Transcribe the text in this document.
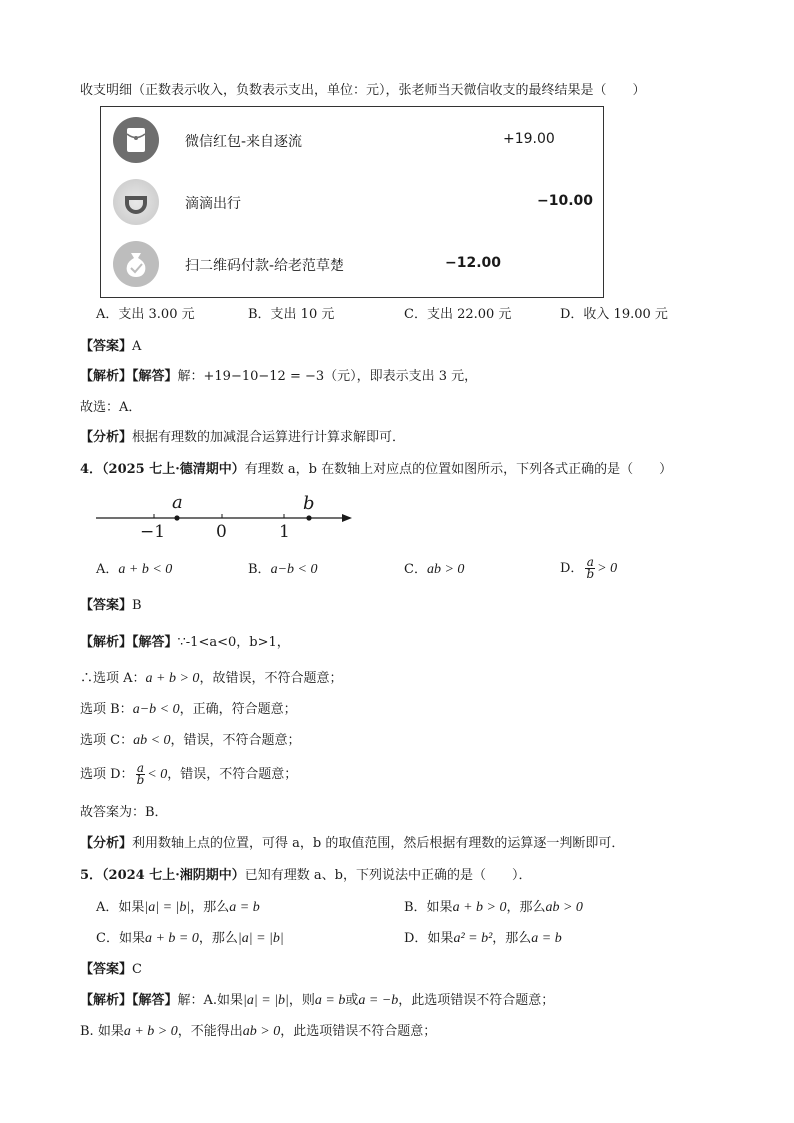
收支明细（正数表示收入，负数表示支出，单位：元），张老师当天微信收支的最终结果是（　　）
微信红包-来自逐流	+19.00
滴滴出行	−10.00
扫二维码付款-给老范草楚	−12.00
A．支出 3.00 元	B．支出 10 元	C．支出 22.00 元	D．收入 19.00 元
【答案】A
【解析】【解答】解：+19−10−12 = −3（元），即表示支出 3 元，
故选：A．
【分析】根据有理数的加减混合运算进行计算求解即可．
4．（2025 七上·德清期中）有理数 a，b 在数轴上对应点的位置如图所示，下列各式正确的是（　　）
a	b
−1	0	1
A．a + b < 0	B．a−b < 0	C．ab > 0	D． $\frac{a}{b} > 0$
【答案】B
【解析】【解答】∵-1<a<0，b>1，
∴选项 A：a + b > 0，故错误，不符合题意；
选项 B：a−b < 0，正确，符合题意；
选项 C：ab < 0，错误，不符合题意；
选项 D： $\frac{a}{b} < 0$，错误，不符合题意；
故答案为：B．
【分析】利用数轴上点的位置，可得 a，b 的取值范围，然后根据有理数的运算逐一判断即可．
5．（2024 七上·湘阴期中）已知有理数 a、b，下列说法中正确的是（　　）．
A．如果|a| = |b|，那么a = b	B．如果a + b > 0，那么ab > 0
C．如果a + b = 0，那么|a| = |b|	D．如果a² = b²，那么a = b
【答案】C
【解析】【解答】解：A.如果|a| = |b|，则a = b或a = −b，此选项错误不符合题意；
B. 如果a + b > 0，不能得出ab > 0，此选项错误不符合题意；
